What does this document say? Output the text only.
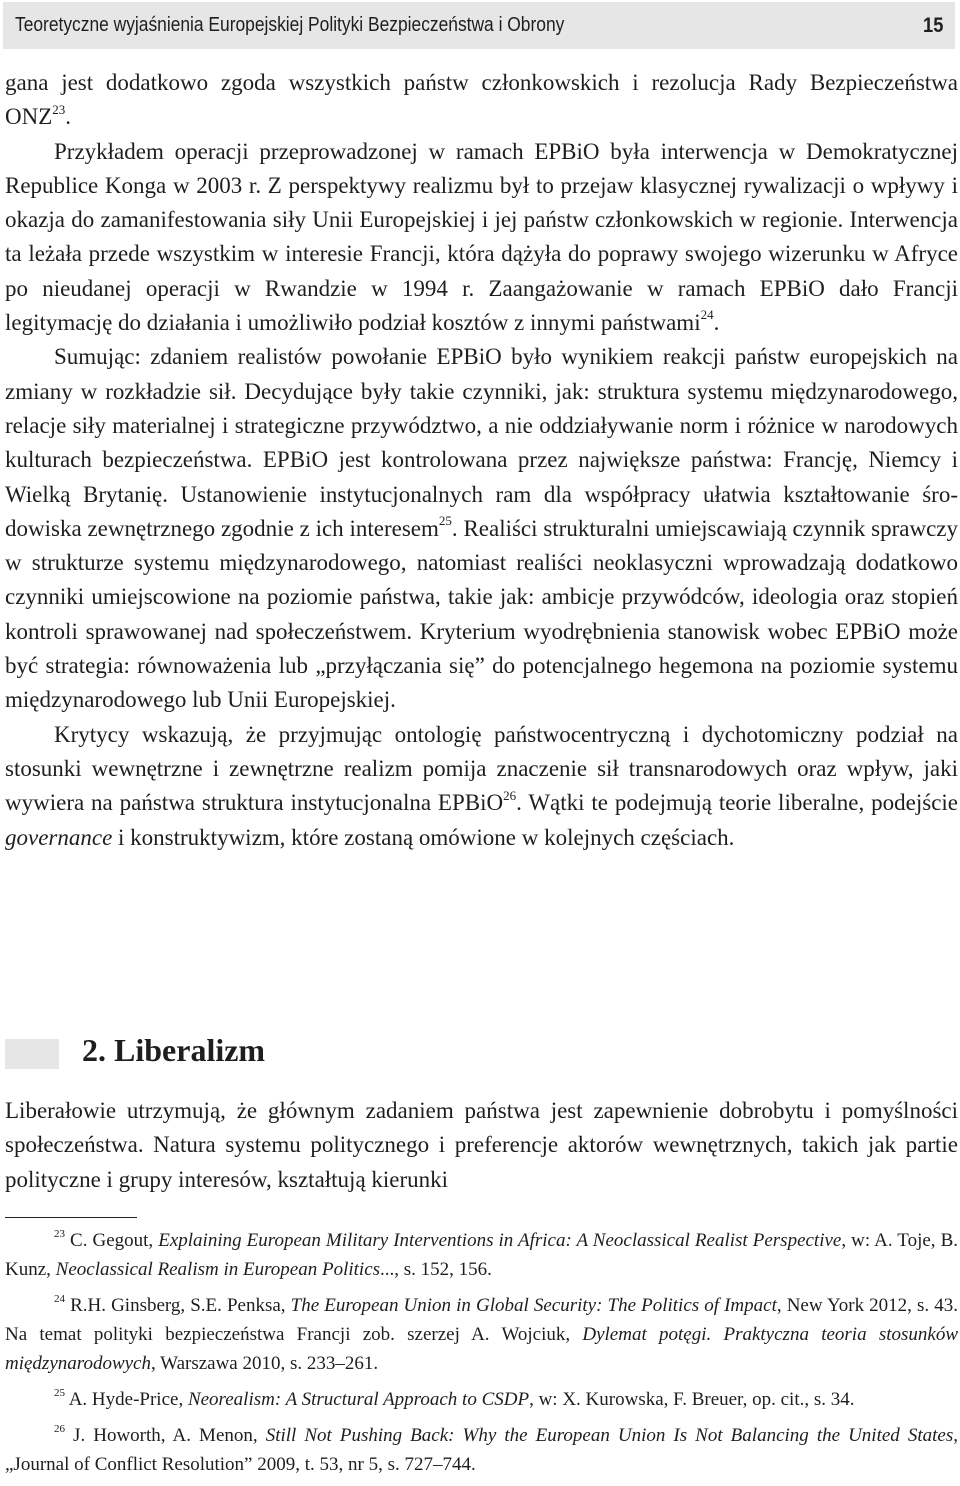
Teoretyczne wyjaśnienia Europejskiej Polityki Bezpieczeństwa i Obrony	15

gana jest dodatkowo zgoda wszystkich państw członkowskich i rezolucja Rady Bezpieczeństwa ONZ$^{23}$.

Przykładem operacji przeprowadzonej w ramach EPBiO była interwencja w Demokratycznej Republice Konga w 2003 r. Z perspektywy realizmu był to przejaw klasycznej rywalizacji o wpływy i okazja do zamanifestowania siły Unii Europejskiej i jej państw członkowskich w regionie. Interwencja ta leżała przede wszystkim w interesie Francji, która dążyła do poprawy swojego wizerunku w Afryce po nieudanej operacji w Rwandzie w 1994 r. Zaangażowanie w ramach EPBiO dało Francji legitymację do działania i umożliwiło podział kosztów z innymi państwami$^{24}$.

Sumując: zdaniem realistów powołanie EPBiO było wynikiem reakcji państw europejskich na zmiany w rozkładzie sił. Decydujące były takie czynniki, jak: struktura systemu międzynarodowego, relacje siły materialnej i strategiczne przywództwo, a nie oddziaływanie norm i różnice w narodowych kulturach bezpieczeństwa. EPBiO jest kontrolowana przez największe państwa: Francję, Niemcy i Wielką Brytanię. Ustanowienie instytucjonalnych ram dla współpracy ułatwia kształtowanie środowiska zewnętrznego zgodnie z ich interesem$^{25}$. Realiści strukturalni umiejscawiają czynnik sprawczy w strukturze systemu międzynarodowego, natomiast realiści neoklasyczni wprowadzają dodatkowo czynniki umiejscowione na poziomie państwa, takie jak: ambicje przywódców, ideologia oraz stopień kontroli sprawowanej nad społeczeństwem. Kryterium wyodrębnienia stanowisk wobec EPBiO może być strategia: równoważenia lub „przyłączania się” do potencjalnego hegemona na poziomie systemu międzynarodowego lub Unii Europejskiej.

Krytycy wskazują, że przyjmując ontologię państwocentryczną i dychotomiczny podział na stosunki wewnętrzne i zewnętrzne realizm pomija znaczenie sił transnarodowych oraz wpływ, jaki wywiera na państwa struktura instytucjonalna EPBiO$^{26}$. Wątki te podejmują teorie liberalne, podejście governance i konstruktywizm, które zostaną omówione w kolejnych częściach.

2. Liberalizm

Liberałowie utrzymują, że głównym zadaniem państwa jest zapewnienie dobrobytu i pomyślności społeczeństwa. Natura systemu politycznego i preferencje aktorów wewnętrznych, takich jak partie polityczne i grupy interesów, kształtują kierunki

$^{23}$ C. Gegout, Explaining European Military Interventions in Africa: A Neoclassical Realist Perspective, w: A. Toje, B. Kunz, Neoclassical Realism in European Politics..., s. 152, 156.

$^{24}$ R.H. Ginsberg, S.E. Penksa, The European Union in Global Security: The Politics of Impact, New York 2012, s. 43. Na temat polityki bezpieczeństwa Francji zob. szerzej A. Wojciuk, Dylemat potęgi. Praktyczna teoria stosunków międzynarodowych, Warszawa 2010, s. 233–261.

$^{25}$ A. Hyde-Price, Neorealism: A Structural Approach to CSDP, w: X. Kurowska, F. Breuer, op. cit., s. 34.

$^{26}$ J. Howorth, A. Menon, Still Not Pushing Back: Why the European Union Is Not Balancing the United States, „Journal of Conflict Resolution” 2009, t. 53, nr 5, s. 727–744.
